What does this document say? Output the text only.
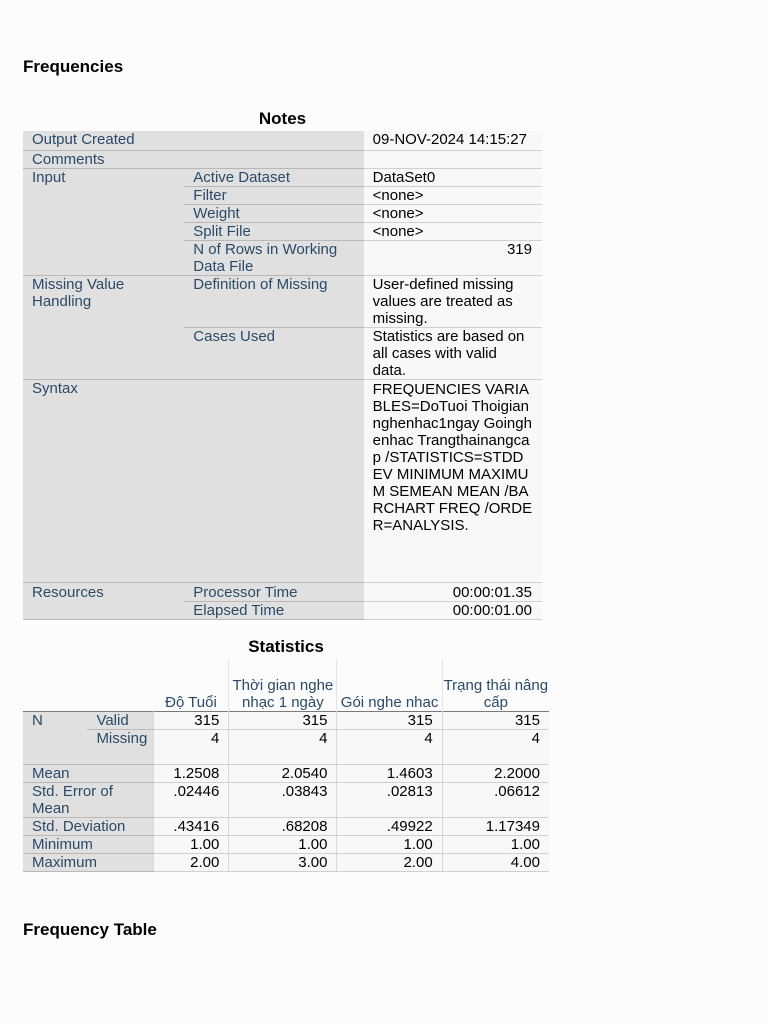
Frequencies
Notes
Output Created		09-NOV-2024 14:15:27
Comments		
Input	Active Dataset	DataSet0
	Filter	<none>
	Weight	<none>
	Split File	<none>
	N of Rows in Working Data File	319
Missing Value Handling	Definition of Missing	User-defined missing values are treated as missing.
	Cases Used	Statistics are based on all cases with valid data.
Syntax		FREQUENCIES VARIABLES=DoTuoi Thoigiannghenhac1ngay Goinghenhac Trangthainangcap /STATISTICS=STDDEV MINIMUM MAXIMUM SEMEAN MEAN /BARCHART FREQ /ORDER=ANALYSIS.
Resources	Processor Time	00:00:01.35
	Elapsed Time	00:00:01.00
Statistics
		Độ Tuổi	Thời gian nghe nhạc 1 ngày	Gói nghe nhac	Trạng thái nâng cấp
N	Valid	315	315	315	315
	Missing	4	4	4	4
Mean		1.2508	2.0540	1.4603	2.2000
Std. Error of Mean		.02446	.03843	.02813	.06612
Std. Deviation		.43416	.68208	.49922	1.17349
Minimum		1.00	1.00	1.00	1.00
Maximum		2.00	3.00	2.00	4.00
Frequency Table
